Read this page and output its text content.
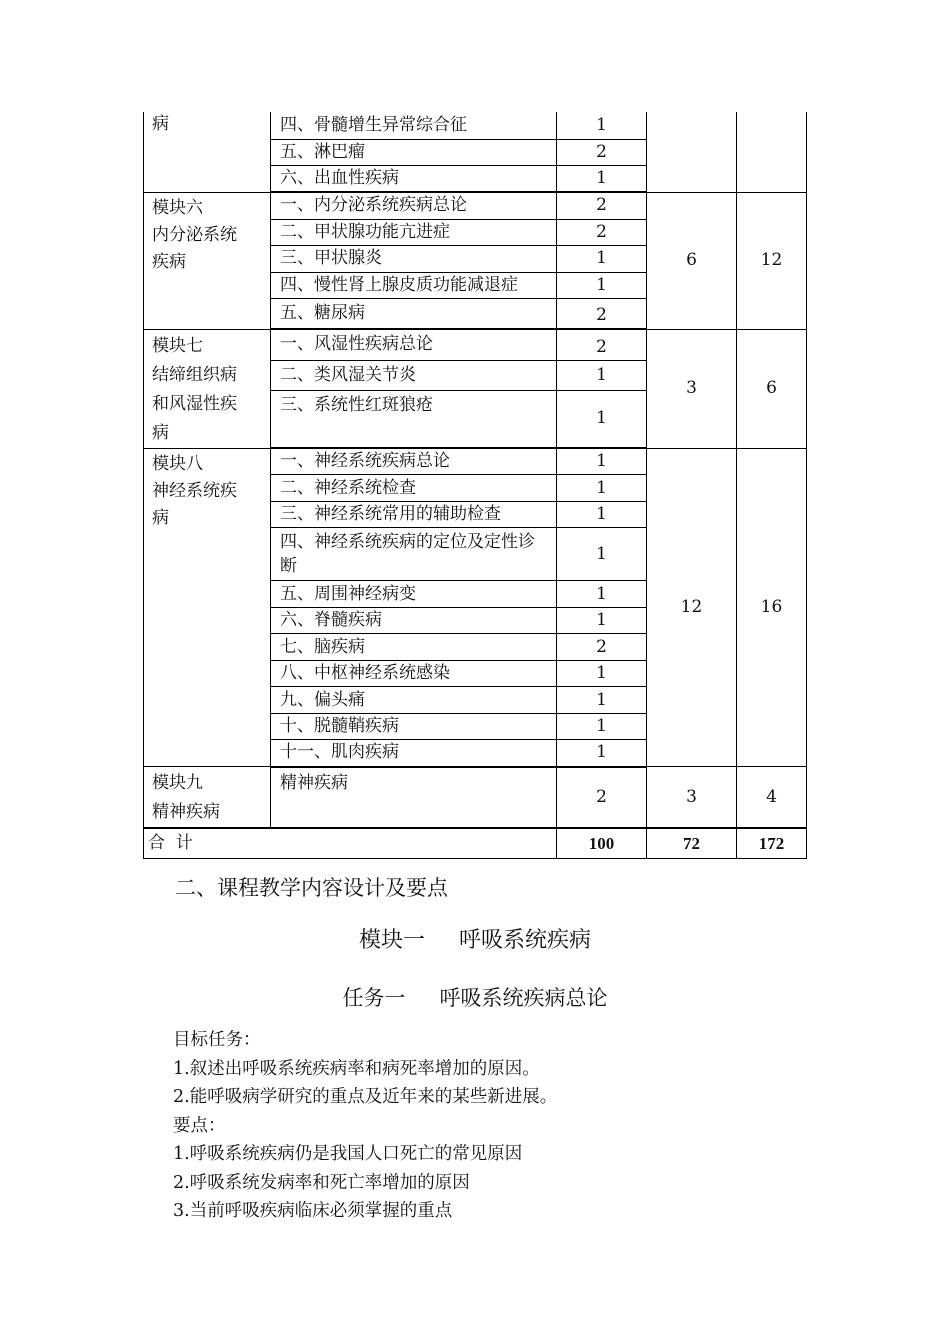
病	四、骨髓增生异常综合征	1		
	五、淋巴瘤	2		
	六、出血性疾病	1		

模块六
内分泌系统
疾病	一、内分泌系统疾病总论	2	6	12
	二、甲状腺功能亢进症	2		
	三、甲状腺炎	1		
	四、慢性肾上腺皮质功能减退症	1		
	五、糖尿病	2		

模块七
结缔组织病
和风湿性疾
病	一、风湿性疾病总论	2	3	6
	二、类风湿关节炎	1		
	三、系统性红斑狼疮	1		

模块八
神经系统疾
病	一、神经系统疾病总论	1	12	16
	二、神经系统检查	1		
	三、神经系统常用的辅助检查	1		
	四、神经系统疾病的定位及定性诊断	1		
	五、周围神经病变	1		
	六、脊髓疾病	1		
	七、脑疾病	2		
	八、中枢神经系统感染	1		
	九、偏头痛	1		
	十、脱髓鞘疾病	1		
	十一、肌肉疾病	1		

模块九
精神疾病	精神疾病	2	3	4
合  计		100	72	172
二、课程教学内容设计及要点
模块一 呼吸系统疾病
任务一 呼吸系统疾病总论
目标任务：
1.叙述出呼吸系统疾病率和病死率增加的原因。
2.能呼吸病学研究的重点及近年来的某些新进展。
要点：
1.呼吸系统疾病仍是我国人口死亡的常见原因
2.呼吸系统发病率和死亡率增加的原因
3.当前呼吸疾病临床必须掌握的重点
